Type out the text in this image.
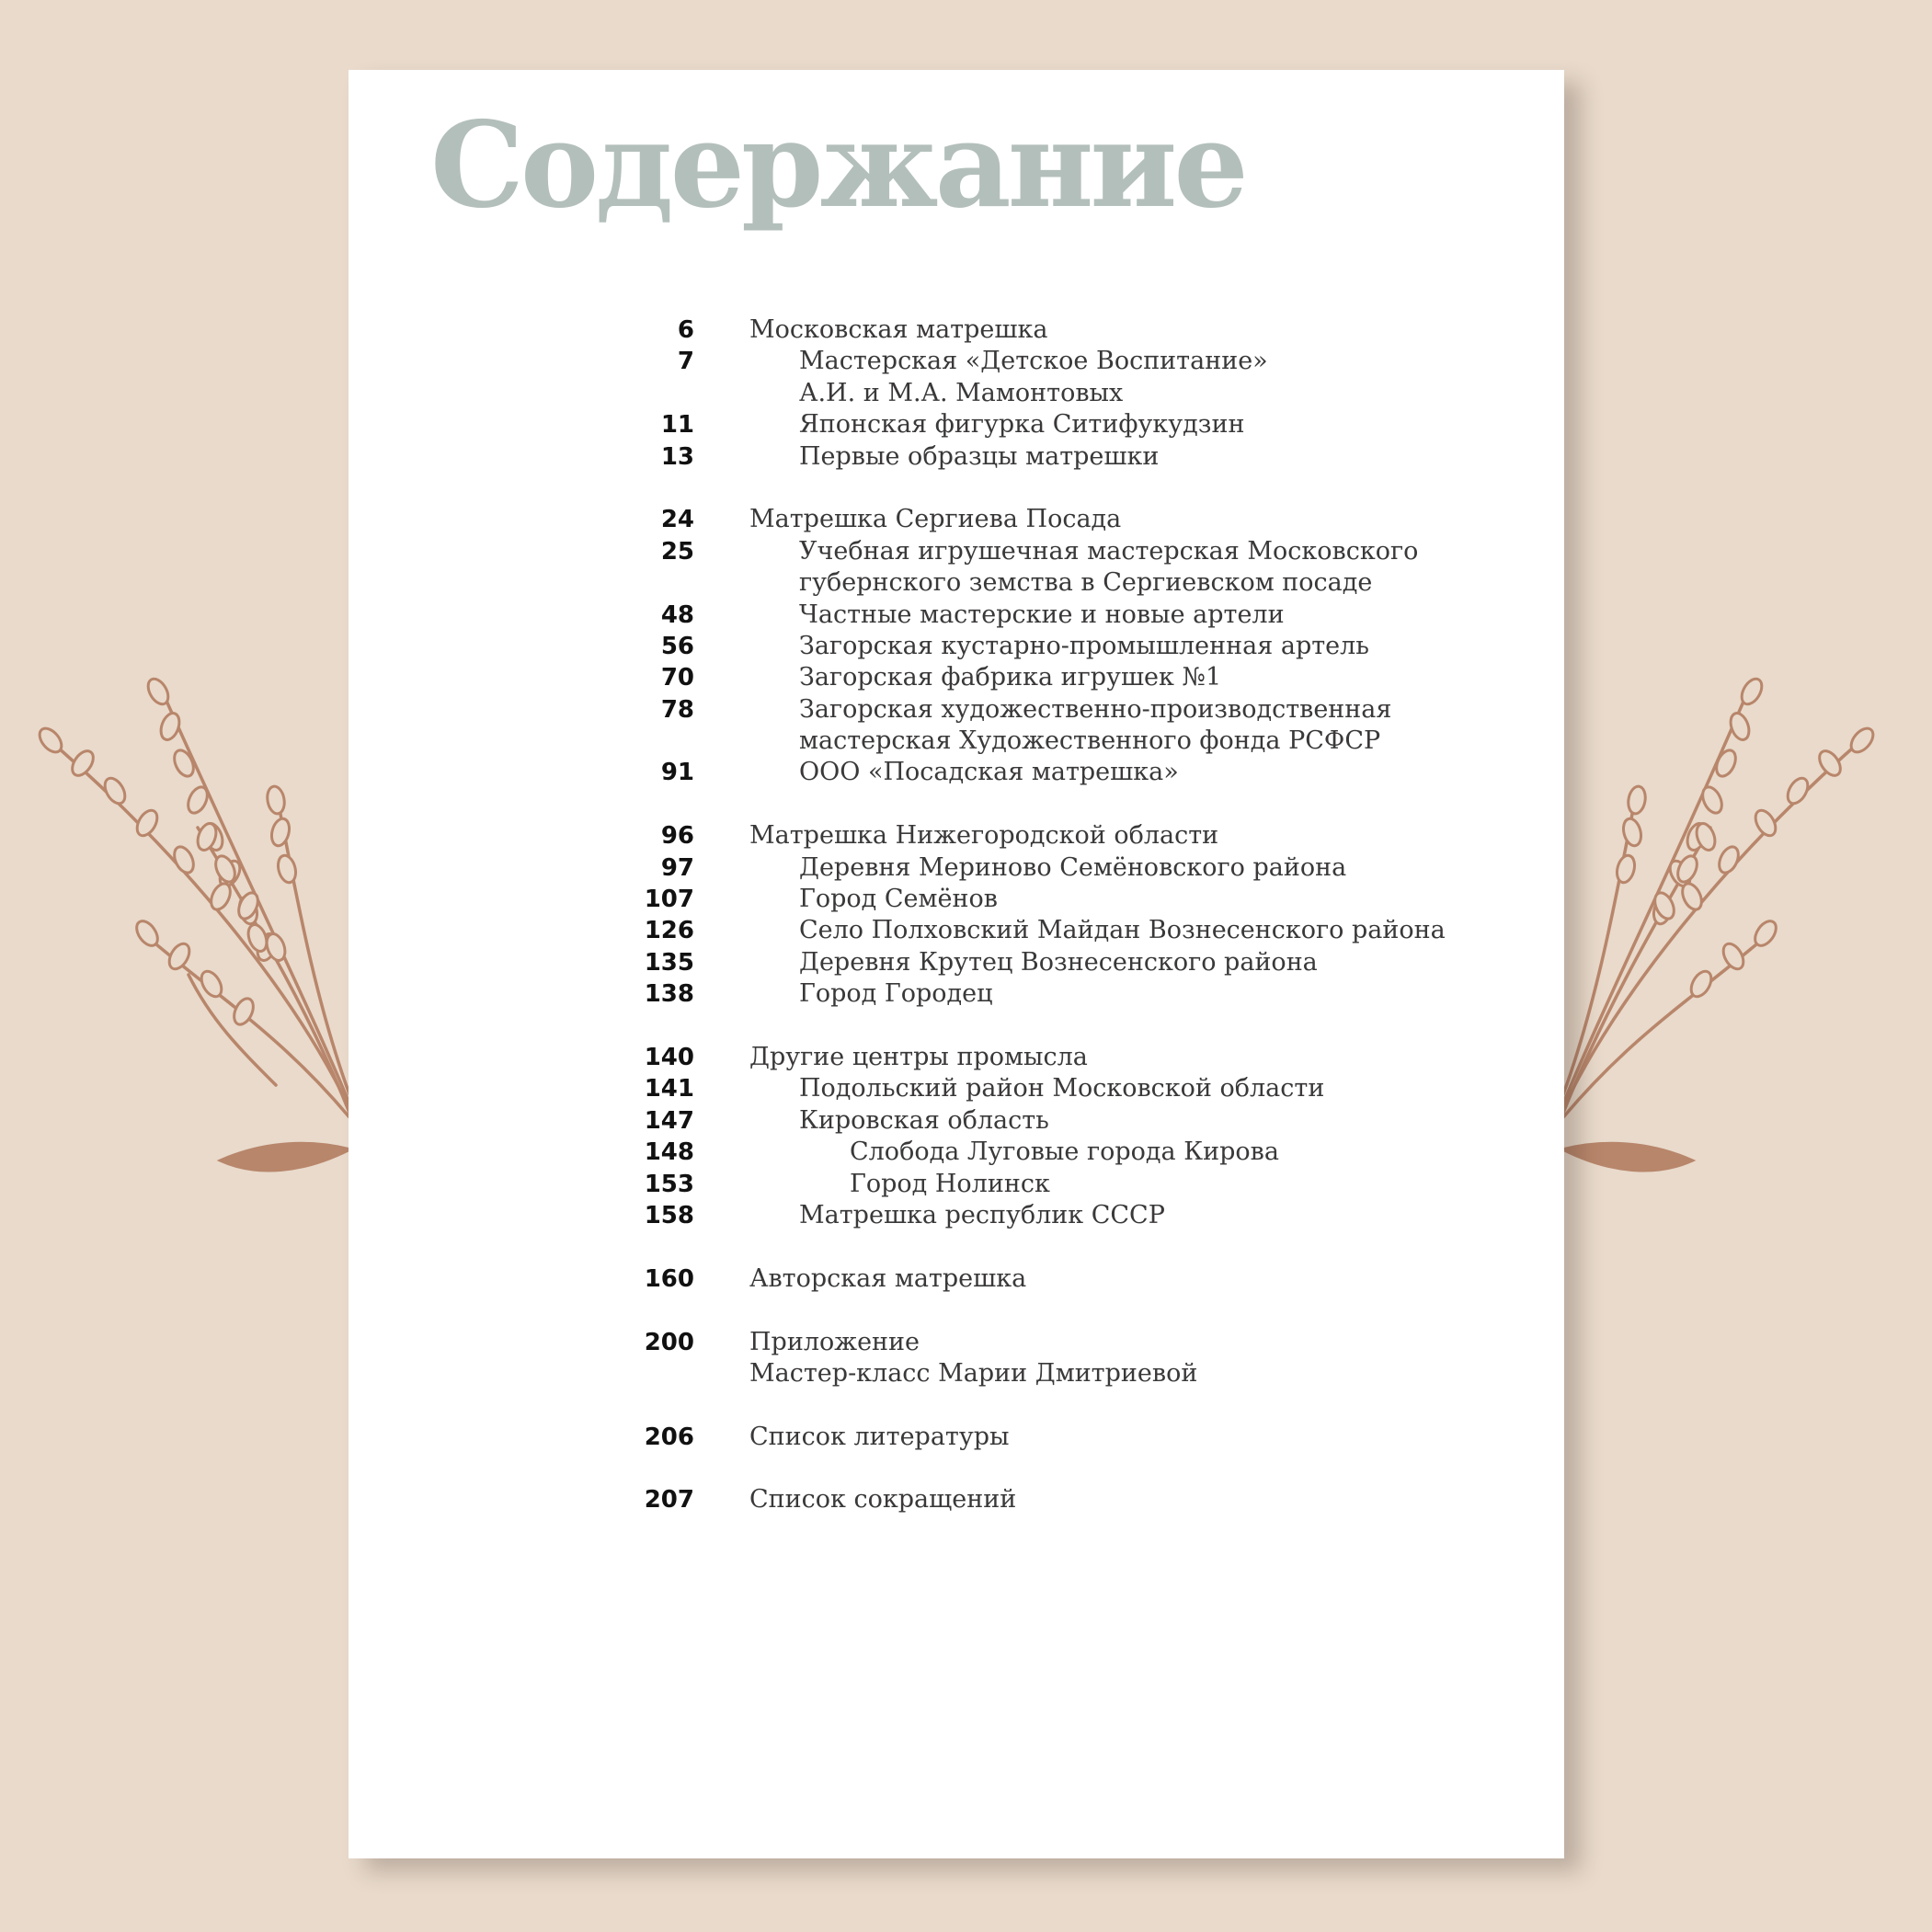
Содержание
6 Московская матрешка
7	Мастерская «Детское Воспитание»
А.И. и М.А. Мамонтовых
11	Японская фигурка Ситифукудзин
13	Первые образцы матрешки
24 Матрешка Сергиева Посада
25	Учебная игрушечная мастерская Московского
губернского земства в Сергиевском посаде
48	Частные мастерские и новые артели
56	Загорская кустарно-промышленная артель
70	Загорская фабрика игрушек №1
78	Загорская художественно-производственная
мастерская Художественного фонда РСФСР
91	ООО «Посадская матрешка»
96 Матрешка Нижегородской области
97	Деревня Мериново Семёновского района
107	Город Семёнов
126	Село Полховский Майдан Вознесенского района
135	Деревня Крутец Вознесенского района
138	Город Городец
140 Другие центры промысла
141	Подольский район Московской области
147	Кировская область
148	Слобода Луговые города Кирова
153	Город Нолинск
158	Матрешка республик СССР
160 Авторская матрешка
200 Приложение
Мастер-класс Марии Дмитриевой
206 Список литературы
207 Список сокращений
